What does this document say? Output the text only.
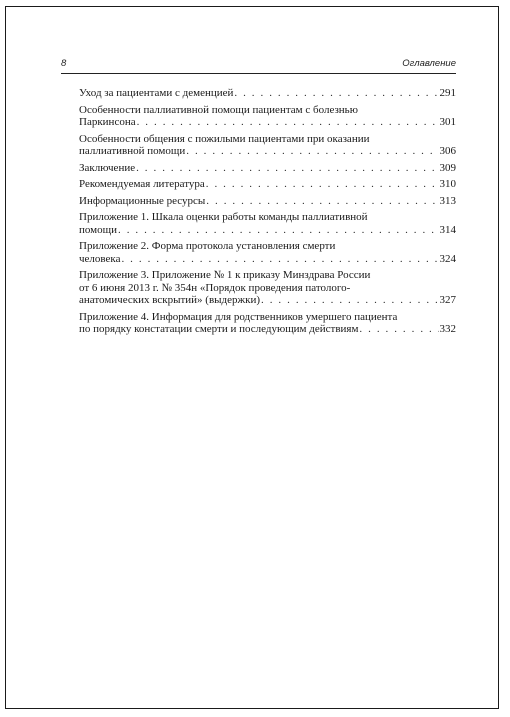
8	Оглавление
Уход за пациентами с деменцией . . .	291
Особенности паллиативной помощи пациентам с болезнью
Паркинсона . . .	301
Особенности общения с пожилыми пациентами при оказании
паллиативной помощи . . .	306
Заключение . . .	309
Рекомендуемая литература . . .	310
Информационные ресурсы . . .	313
Приложение 1. Шкала оценки работы команды паллиативной
помощи . . .	314
Приложение 2. Форма протокола установления смерти
человека . . .	324
Приложение 3. Приложение № 1 к приказу Минздрава России
от 6 июня 2013 г. № 354н «Порядок проведения патолого-
анатомических вскрытий» (выдержки) . . .	327
Приложение 4. Информация для родственников умершего пациента
по порядку констатации смерти и последующим действиям . . .	332
